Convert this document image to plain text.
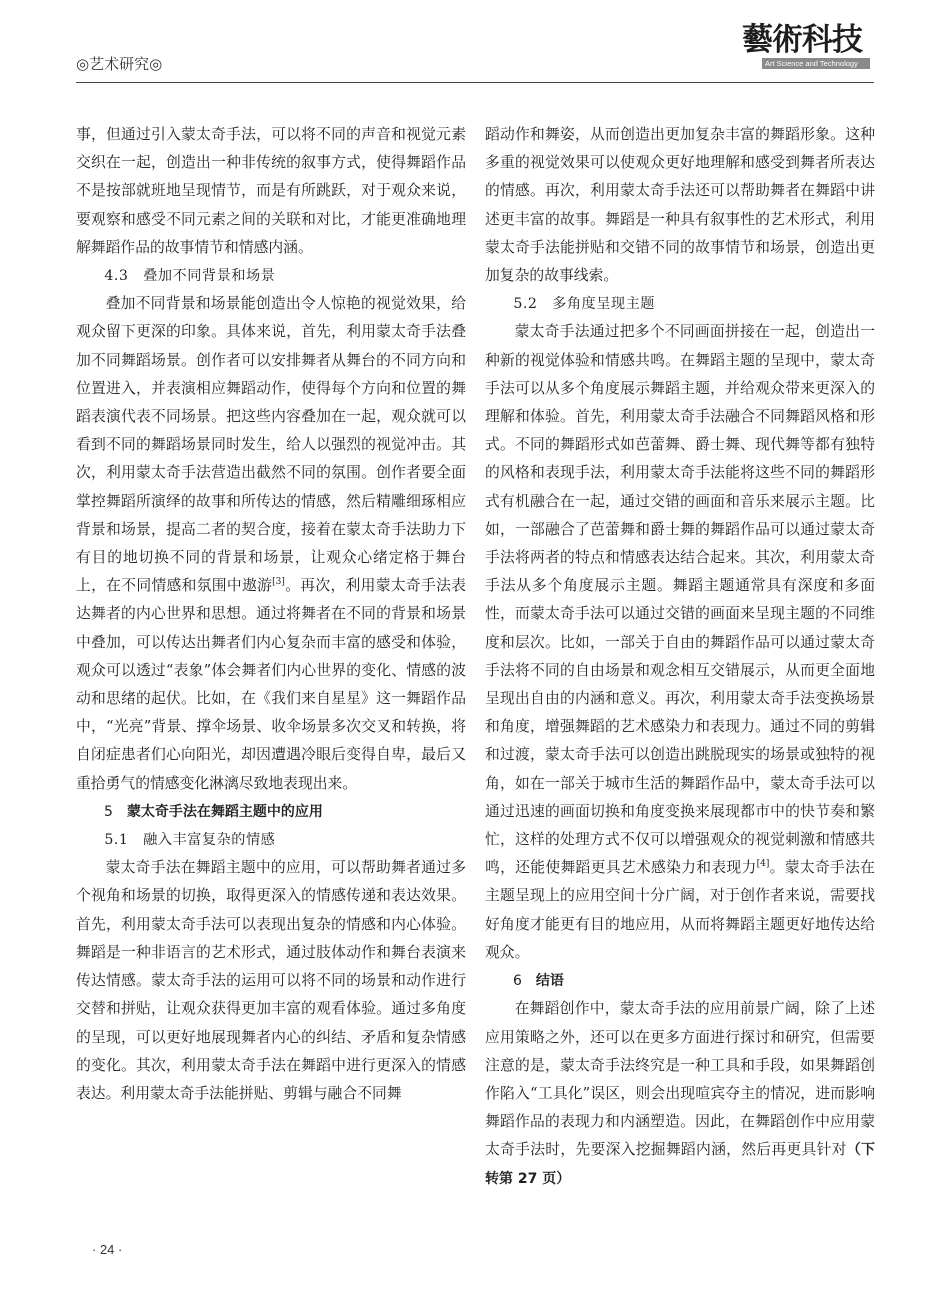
◎艺术研究◎
藝術科技
Art Science and Technology

事，但通过引入蒙太奇手法，可以将不同的声音和视觉元素交织在一起，创造出一种非传统的叙事方式，使得舞蹈作品不是按部就班地呈现情节，而是有所跳跃，对于观众来说，要观察和感受不同元素之间的关联和对比，才能更准确地理解舞蹈作品的故事情节和情感内涵。

4.3　叠加不同背景和场景

叠加不同背景和场景能创造出令人惊艳的视觉效果，给观众留下更深的印象。具体来说，首先，利用蒙太奇手法叠加不同舞蹈场景。创作者可以安排舞者从舞台的不同方向和位置进入，并表演相应舞蹈动作，使得每个方向和位置的舞蹈表演代表不同场景。把这些内容叠加在一起，观众就可以看到不同的舞蹈场景同时发生，给人以强烈的视觉冲击。其次，利用蒙太奇手法营造出截然不同的氛围。创作者要全面掌控舞蹈所演绎的故事和所传达的情感，然后精雕细琢相应背景和场景，提高二者的契合度，接着在蒙太奇手法助力下有目的地切换不同的背景和场景，让观众心绪定格于舞台上，在不同情感和氛围中遨游[3]。再次，利用蒙太奇手法表达舞者的内心世界和思想。通过将舞者在不同的背景和场景中叠加，可以传达出舞者们内心复杂而丰富的感受和体验，观众可以透过“表象”体会舞者们内心世界的变化、情感的波动和思绪的起伏。比如，在《我们来自星星》这一舞蹈作品中，“光亮”背景、撑伞场景、收伞场景多次交叉和转换，将自闭症患者们心向阳光，却因遭遇冷眼后变得自卑，最后又重拾勇气的情感变化淋漓尽致地表现出来。

5 蒙太奇手法在舞蹈主题中的应用

5.1　融入丰富复杂的情感

蒙太奇手法在舞蹈主题中的应用，可以帮助舞者通过多个视角和场景的切换，取得更深入的情感传递和表达效果。首先，利用蒙太奇手法可以表现出复杂的情感和内心体验。舞蹈是一种非语言的艺术形式，通过肢体动作和舞台表演来传达情感。蒙太奇手法的运用可以将不同的场景和动作进行交替和拼贴，让观众获得更加丰富的观看体验。通过多角度的呈现，可以更好地展现舞者内心的纠结、矛盾和复杂情感的变化。其次，利用蒙太奇手法在舞蹈中进行更深入的情感表达。利用蒙太奇手法能拼贴、剪辑与融合不同舞

蹈动作和舞姿，从而创造出更加复杂丰富的舞蹈形象。这种多重的视觉效果可以使观众更好地理解和感受到舞者所表达的情感。再次，利用蒙太奇手法还可以帮助舞者在舞蹈中讲述更丰富的故事。舞蹈是一种具有叙事性的艺术形式，利用蒙太奇手法能拼贴和交错不同的故事情节和场景，创造出更加复杂的故事线索。

5.2　多角度呈现主题

蒙太奇手法通过把多个不同画面拼接在一起，创造出一种新的视觉体验和情感共鸣。在舞蹈主题的呈现中，蒙太奇手法可以从多个角度展示舞蹈主题，并给观众带来更深入的理解和体验。首先，利用蒙太奇手法融合不同舞蹈风格和形式。不同的舞蹈形式如芭蕾舞、爵士舞、现代舞等都有独特的风格和表现手法，利用蒙太奇手法能将这些不同的舞蹈形式有机融合在一起，通过交错的画面和音乐来展示主题。比如，一部融合了芭蕾舞和爵士舞的舞蹈作品可以通过蒙太奇手法将两者的特点和情感表达结合起来。其次，利用蒙太奇手法从多个角度展示主题。舞蹈主题通常具有深度和多面性，而蒙太奇手法可以通过交错的画面来呈现主题的不同维度和层次。比如，一部关于自由的舞蹈作品可以通过蒙太奇手法将不同的自由场景和观念相互交错展示，从而更全面地呈现出自由的内涵和意义。再次，利用蒙太奇手法变换场景和角度，增强舞蹈的艺术感染力和表现力。通过不同的剪辑和过渡，蒙太奇手法可以创造出跳脱现实的场景或独特的视角，如在一部关于城市生活的舞蹈作品中，蒙太奇手法可以通过迅速的画面切换和角度变换来展现都市中的快节奏和繁忙，这样的处理方式不仅可以增强观众的视觉刺激和情感共鸣，还能使舞蹈更具艺术感染力和表现力[4]。蒙太奇手法在主题呈现上的应用空间十分广阔，对于创作者来说，需要找好角度才能更有目的地应用，从而将舞蹈主题更好地传达给观众。

6 结语

在舞蹈创作中，蒙太奇手法的应用前景广阔，除了上述应用策略之外，还可以在更多方面进行探讨和研究，但需要注意的是，蒙太奇手法终究是一种工具和手段，如果舞蹈创作陷入“工具化”误区，则会出现喧宾夺主的情况，进而影响舞蹈作品的表现力和内涵塑造。因此，在舞蹈创作中应用蒙太奇手法时，先要深入挖掘舞蹈内涵，然后再更具针对（下转第 27 页）

· 24 ·
